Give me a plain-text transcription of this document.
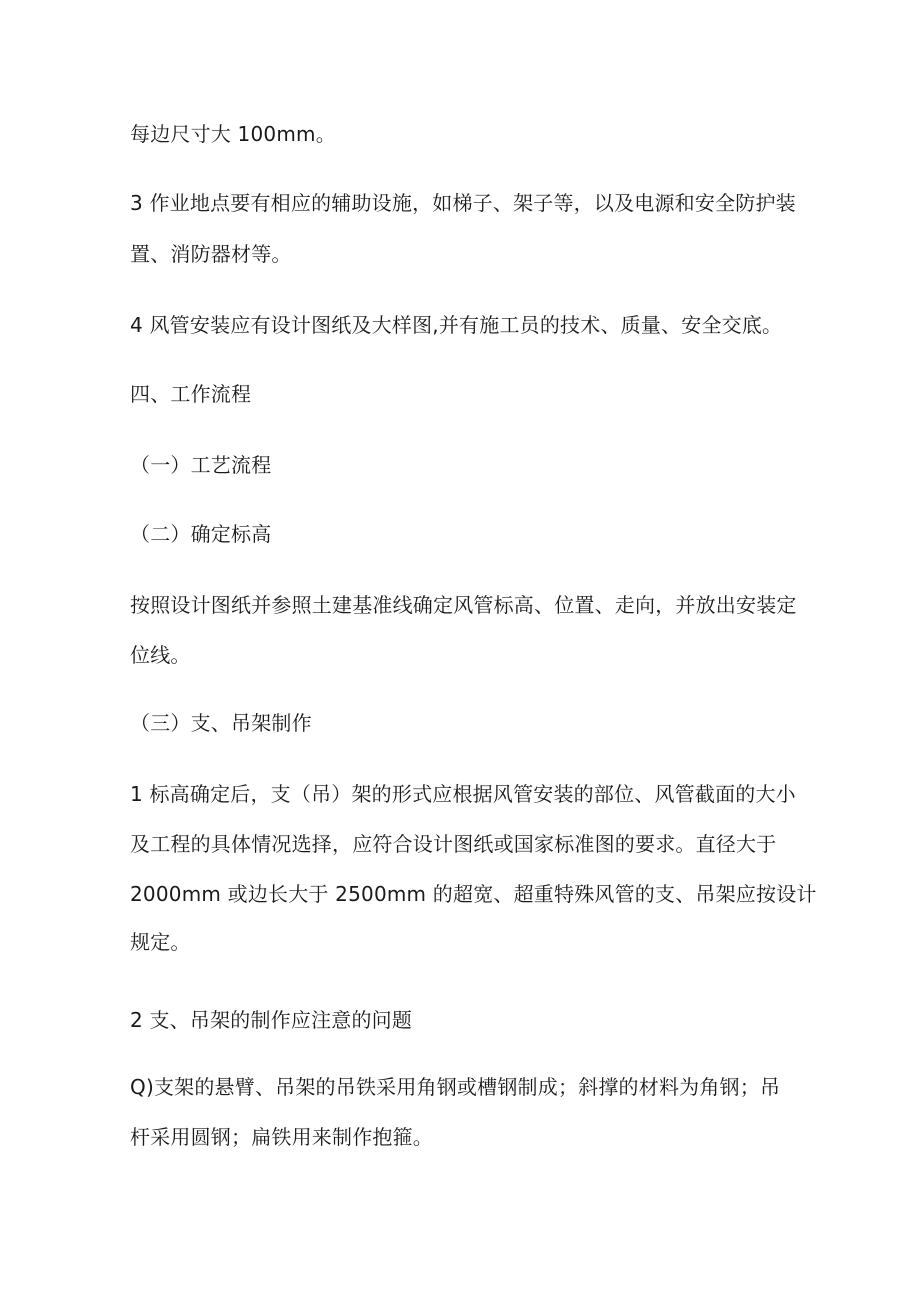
每边尺寸大 100mm。
3 作业地点要有相应的辅助设施，如梯子、架子等，以及电源和安全防护装
置、消防器材等。
4 风管安装应有设计图纸及大样图,并有施工员的技术、质量、安全交底。
四、工作流程
（一）工艺流程
（二）确定标高
按照设计图纸并参照土建基准线确定风管标高、位置、走向，并放出安装定
位线。
（三）支、吊架制作
1 标高确定后，支（吊）架的形式应根据风管安装的部位、风管截面的大小
及工程的具体情况选择，应符合设计图纸或国家标准图的要求。直径大于
2000mm 或边长大于 2500mm 的超宽、超重特殊风管的支、吊架应按设计
规定。
2 支、吊架的制作应注意的问题
Q)支架的悬臂、吊架的吊铁采用角钢或槽钢制成；斜撑的材料为角钢；吊
杆采用圆钢；扁铁用来制作抱箍。
